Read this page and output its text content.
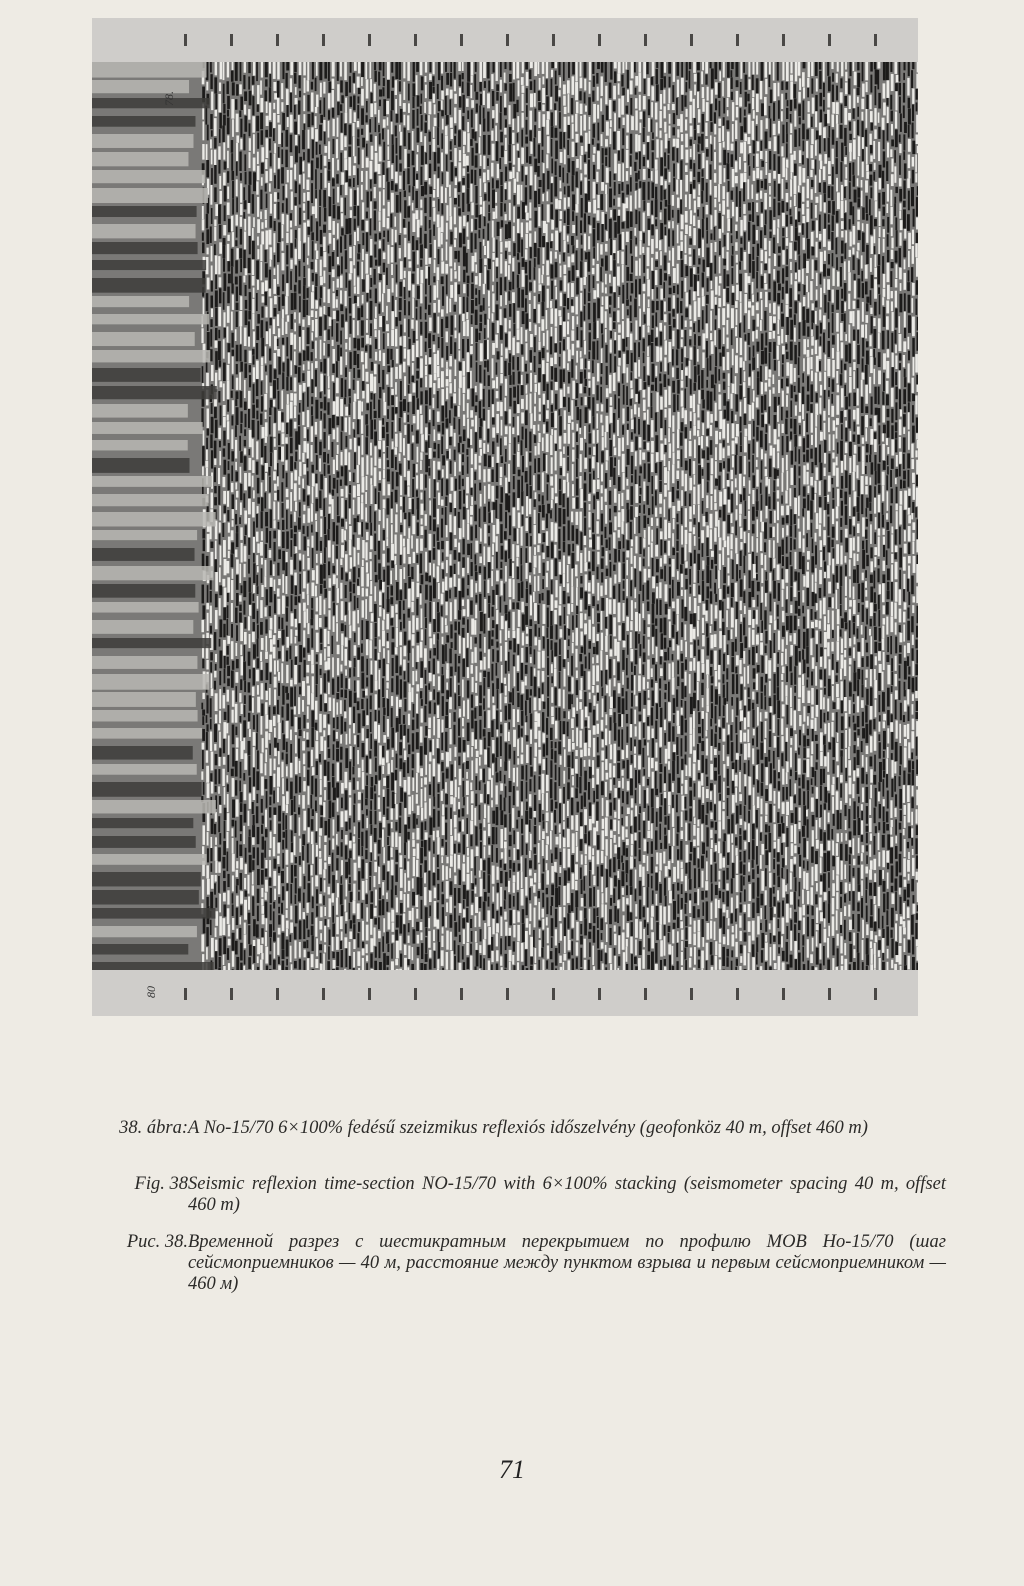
78.
80
38. ábra: A No-15/70 6×100% fedésű szeizmikus reflexiós időszelvény (geofonköz 40 m, offset 460 m)
Fig. 38 Seismic reflexion time-section NO-15/70 with 6×100% stacking (seismometer spacing 40 m, offset 460 m)
Рис. 38. Временной разрез с шестикратным перекрытием по профилю МОВ Но-15/70 (шаг сейсмоприемников — 40 м, расстояние между пунктом взрыва и первым сейсмоприемником — 460 м)
71
